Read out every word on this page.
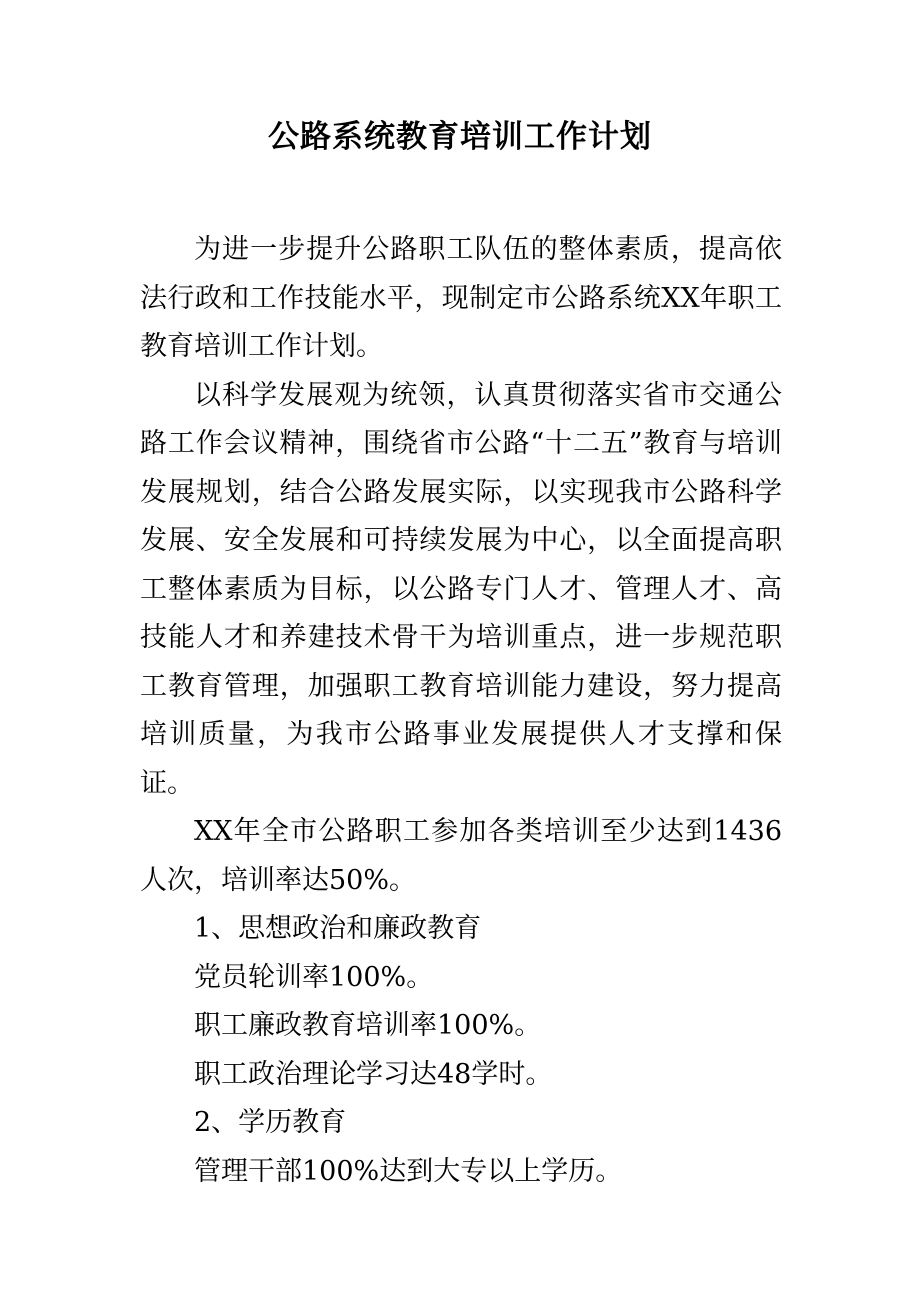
公路系统教育培训工作计划

为进一步提升公路职工队伍的整体素质，提高依法行政和工作技能水平，现制定市公路系统XX年职工教育培训工作计划。

以科学发展观为统领，认真贯彻落实省市交通公路工作会议精神，围绕省市公路“十二五”教育与培训发展规划，结合公路发展实际，以实现我市公路科学发展、安全发展和可持续发展为中心，以全面提高职工整体素质为目标，以公路专门人才、管理人才、高技能人才和养建技术骨干为培训重点，进一步规范职工教育管理，加强职工教育培训能力建设，努力提高培训质量，为我市公路事业发展提供人才支撑和保证。

XX年全市公路职工参加各类培训至少达到1436人次，培训率达50%。

1、思想政治和廉政教育

党员轮训率100%。

职工廉政教育培训率100%。

职工政治理论学习达48学时。

2、学历教育

管理干部100%达到大专以上学历。
